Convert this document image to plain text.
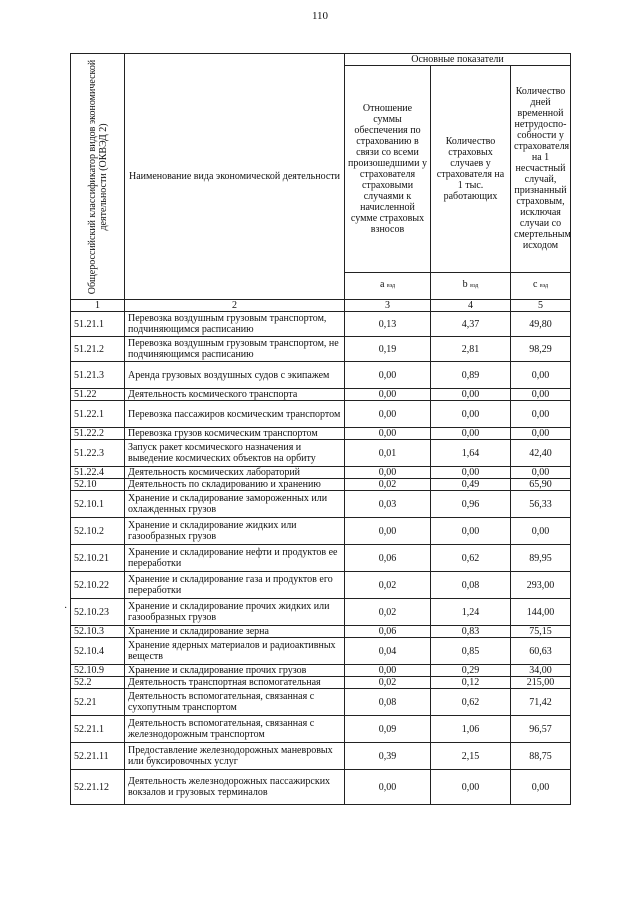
110
·
Общероссийский классификатор видов экономической деятельности (ОКВЭД 2)	Наименование вида экономической деятельности	Основные показатели		
		Отношение суммы обеспечения по страхованию в связи со всеми произошедшими у страхователя страховыми случаями к начисленной сумме страховых взносов	Количество страховых случаев у страхователя на 1 тыс. работающих	Количество дней временной нетрудоспо-собности у страхователя на 1 несчастный случай, признанный страховым, исключая случаи со смертельным исходом
		a вэд	b вэд	c вэд
1	2	3	4	5
51.21.1	Перевозка воздушным грузовым транспортом, подчиняющимся расписанию	0,13	4,37	49,80
51.21.2	Перевозка воздушным грузовым транспортом, не подчиняющимся расписанию	0,19	2,81	98,29
51.21.3	Аренда грузовых воздушных судов с экипажем	0,00	0,89	0,00
51.22	Деятельность космического транспорта	0,00	0,00	0,00
51.22.1	Перевозка пассажиров космическим транспортом	0,00	0,00	0,00
51.22.2	Перевозка грузов космическим транспортом	0,00	0,00	0,00
51.22.3	Запуск ракет космического назначения и выведение космических объектов на орбиту	0,01	1,64	42,40
51.22.4	Деятельность космических лабораторий	0,00	0,00	0,00
52.10	Деятельность по складированию и хранению	0,02	0,49	65,90
52.10.1	Хранение и складирование замороженных или охлажденных грузов	0,03	0,96	56,33
52.10.2	Хранение и складирование жидких или газообразных грузов	0,00	0,00	0,00
52.10.21	Хранение и складирование нефти и продуктов ее переработки	0,06	0,62	89,95
52.10.22	Хранение и складирование газа и продуктов его переработки	0,02	0,08	293,00
52.10.23	Хранение и складирование прочих жидких или газообразных грузов	0,02	1,24	144,00
52.10.3	Хранение и складирование зерна	0,06	0,83	75,15
52.10.4	Хранение ядерных материалов и радиоактивных веществ	0,04	0,85	60,63
52.10.9	Хранение и складирование прочих грузов	0,00	0,29	34,00
52.2	Деятельность транспортная вспомогательная	0,02	0,12	215,00
52.21	Деятельность вспомогательная, связанная с сухопутным транспортом	0,08	0,62	71,42
52.21.1	Деятельность вспомогательная, связанная с железнодорожным транспортом	0,09	1,06	96,57
52.21.11	Предоставление железнодорожных маневровых или буксировочных услуг	0,39	2,15	88,75
52.21.12	Деятельность железнодорожных пассажирских вокзалов и грузовых терминалов	0,00	0,00	0,00
